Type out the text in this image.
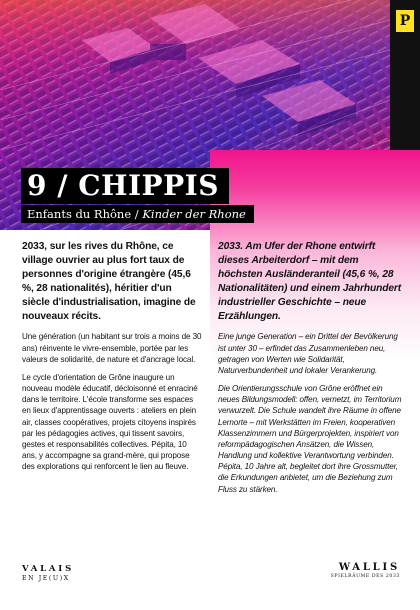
P
9 / CHIPPIS
Enfants du Rhône / Kinder der Rhone

2033, sur les rives du Rhône, ce village ouvrier au plus fort taux de personnes d'origine étrangère (45,6 %, 28 nationalités), héritier d'un siècle d'industrialisation, imagine de nouveaux récits.

Une génération (un habitant sur trois a moins de 30 ans) réinvente le vivre-ensemble, portée par les valeurs de solidarité, de nature et d'ancrage local.

Le cycle d'orientation de Grône inaugure un nouveau modèle éducatif, décloisonné et enraciné dans le territoire. L'école transforme ses espaces en lieux d'apprentissage ouverts : ateliers en plein air, classes coopératives, projets citoyens inspirés par les pédagogies actives, qui tissent savoirs, gestes et responsabilités collectives. Pépita, 10 ans, y accompagne sa grand-mère, qui propose des explorations qui renforcent le lien au fleuve.

2033. Am Ufer der Rhone entwirft dieses Arbeiterdorf – mit dem höchsten Ausländeranteil (45,6 %, 28 Nationalitäten) und einem Jahrhundert industrieller Geschichte – neue Erzählungen.

Eine junge Generation – ein Drittel der Bevölkerung ist unter 30 – erfindet das Zusammenleben neu, getragen von Werten wie Solidarität, Naturverbundenheit und lokaler Verankerung.

Die Orientierungsschule von Grône eröffnet ein neues Bildungsmodell: offen, vernetzt, im Territorium verwurzelt. Die Schule wandelt ihre Räume in offene Lernorte – mit Werkstätten im Freien, kooperativen Klassenzimmern und Bürgerprojekten, inspiriert von reformpädagogischen Ansätzen, die Wissen, Handlung und kollektive Verantwortung verbinden. Pépita, 10 Jahre alt, begleitet dort ihre Grossmutter, die Erkundungen anbietet, um die Beziehung zum Fluss zu stärken.

VALAIS
EN JE(U)X
WALLIS
SPIELRÄUME DES 2033
